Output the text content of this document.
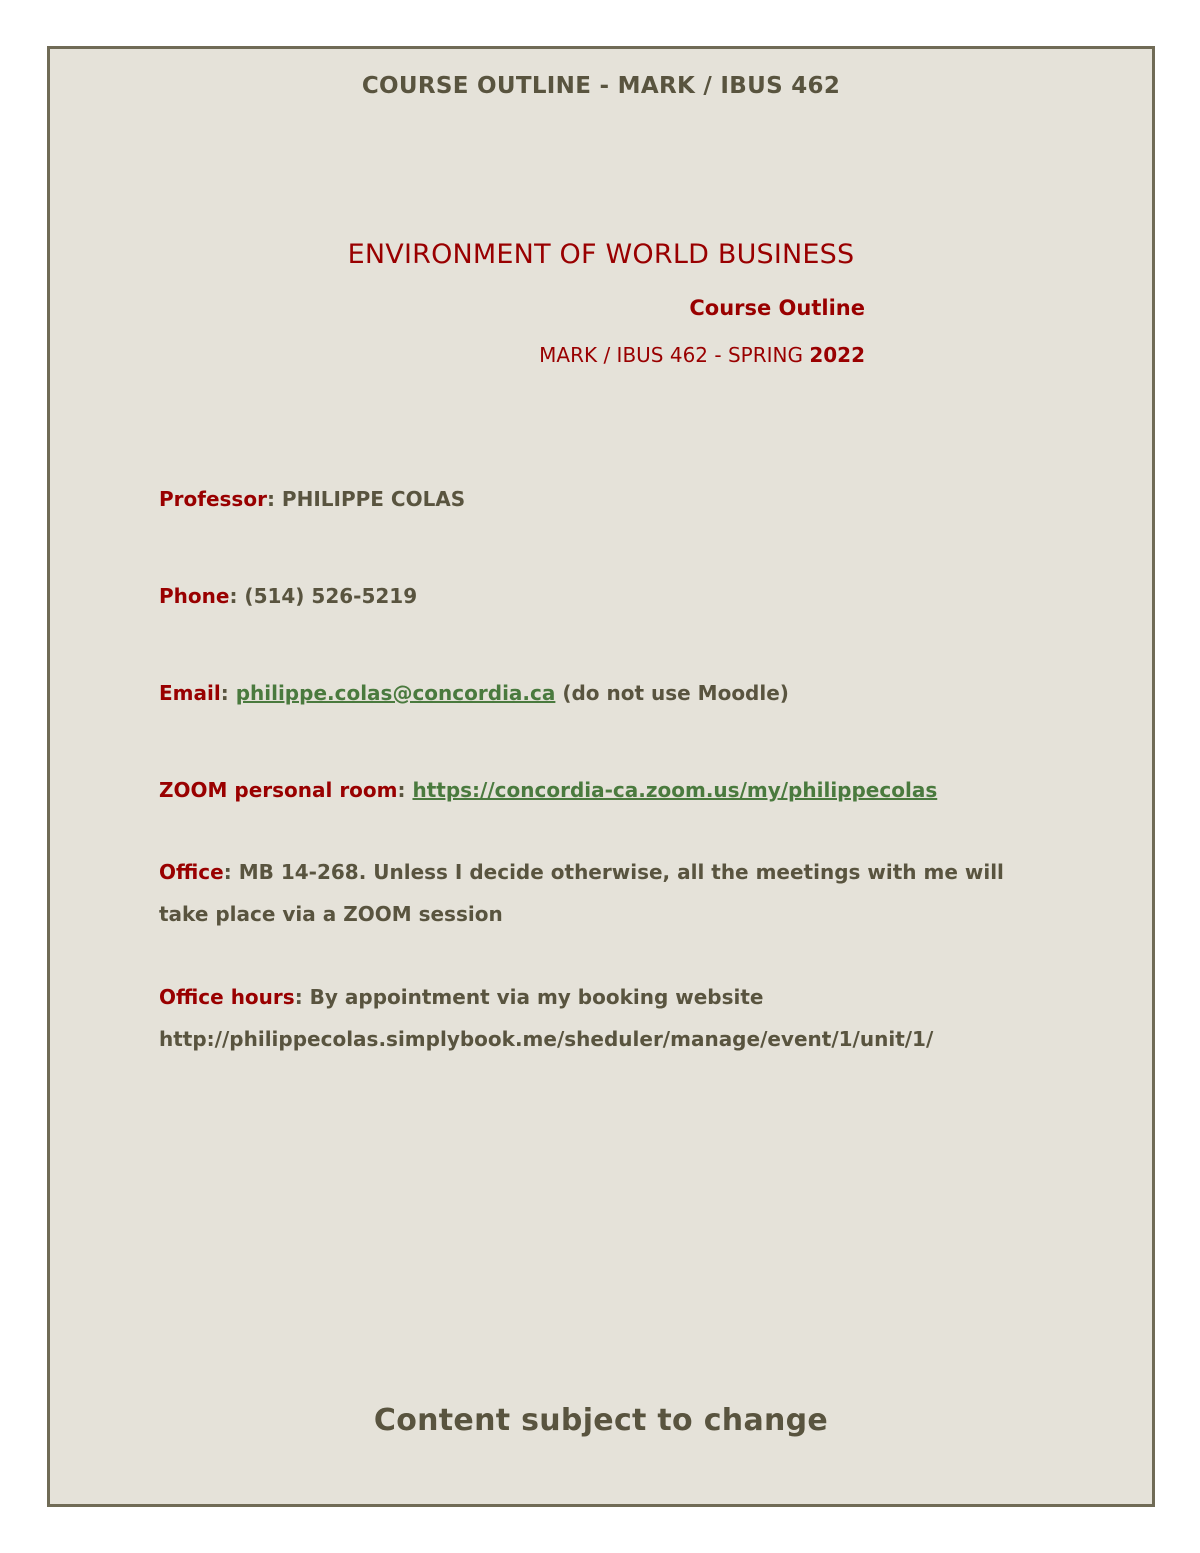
COURSE OUTLINE - MARK / IBUS 462
ENVIRONMENT OF WORLD BUSINESS
Course Outline
MARK / IBUS 462 - SPRING 2022
Professor: PHILIPPE COLAS
Phone: (514) 526-5219
Email: philippe.colas@concordia.ca (do not use Moodle)
ZOOM personal room: https://concordia-ca.zoom.us/my/philippecolas
Office: MB 14-268. Unless I decide otherwise, all the meetings with me will take place via a ZOOM session
Office hours: By appointment via my booking website
http://philippecolas.simplybook.me/sheduler/manage/event/1/unit/1/
Content subject to change
